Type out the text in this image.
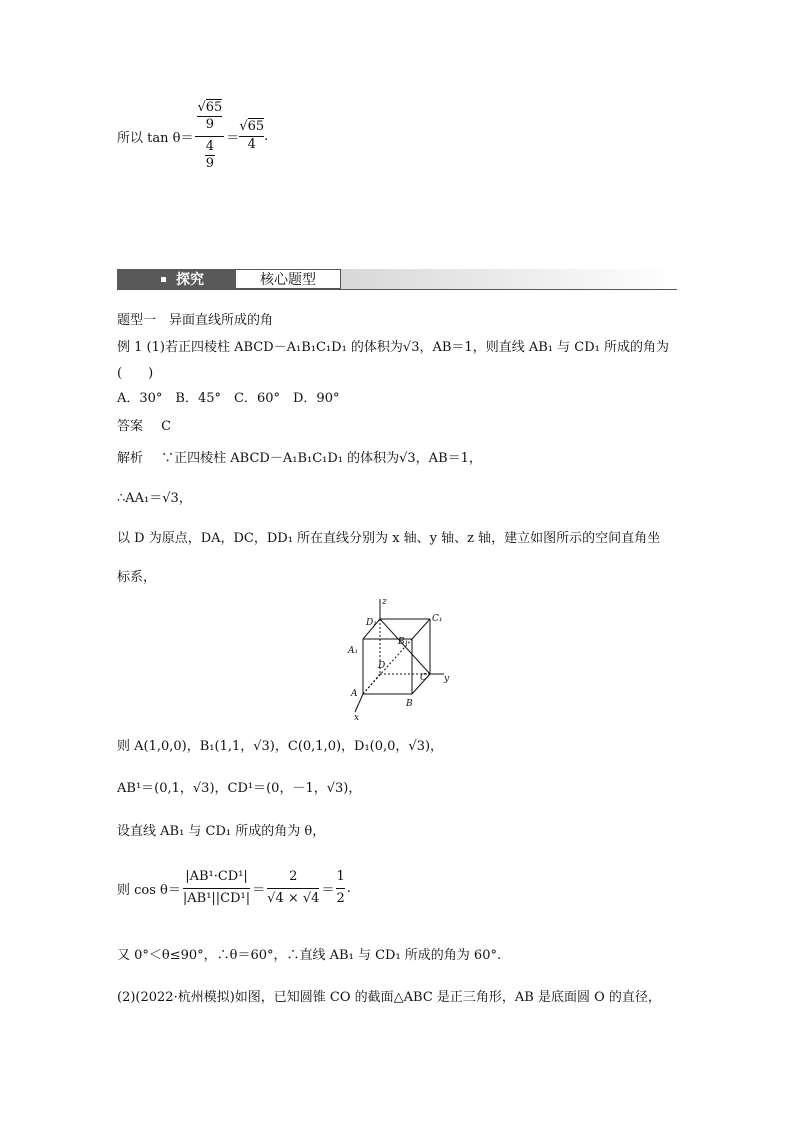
所以 $\tan \theta= \frac{\frac{√65}{9}}{\frac{4}{9}} = \frac{√65}{4}$ .
探究	核心题型
题型一　异面直线所成的角
例 1 (1)若正四棱柱 ABCD－A₁B₁C₁D₁ 的体积为√3，AB＝1，则直线 AB₁ 与 CD₁ 所成的角为
(　　)
A．30°　B．45°　C．60°　D．90°
答案 C
解析 ∵正四棱柱 ABCD－A₁B₁C₁D₁ 的体积为√3，AB＝1，
∴AA₁＝√3，
以 D 为原点，DA，DC，DD₁ 所在直线分别为 x 轴、y 轴、z 轴，建立如图所示的空间直角坐
标系，
z
y
x
D₁	C₁
A₁
B₁
D
C
A
B
则 A(1,0,0)，B₁(1,1，√3)，C(0,1,0)，D₁(0,0，√3)，
AB¹＝(0,1，√3)，CD¹＝(0，－1，√3)，
设直线 AB₁ 与 CD₁ 所成的角为 θ，
则 $\cos \theta= \frac{\text{|AB¹·CD¹|}}{\text{|AB¹||CD¹|}} = \frac{2}{√4 \times √4} = \frac{1}{2}$ .
又 0°＜θ≤90°，∴θ＝60°，∴直线 AB₁ 与 CD₁ 所成的角为 60°.
(2)(2022·杭州模拟)如图，已知圆锥 CO 的截面△ABC 是正三角形，AB 是底面圆 O 的直径，
